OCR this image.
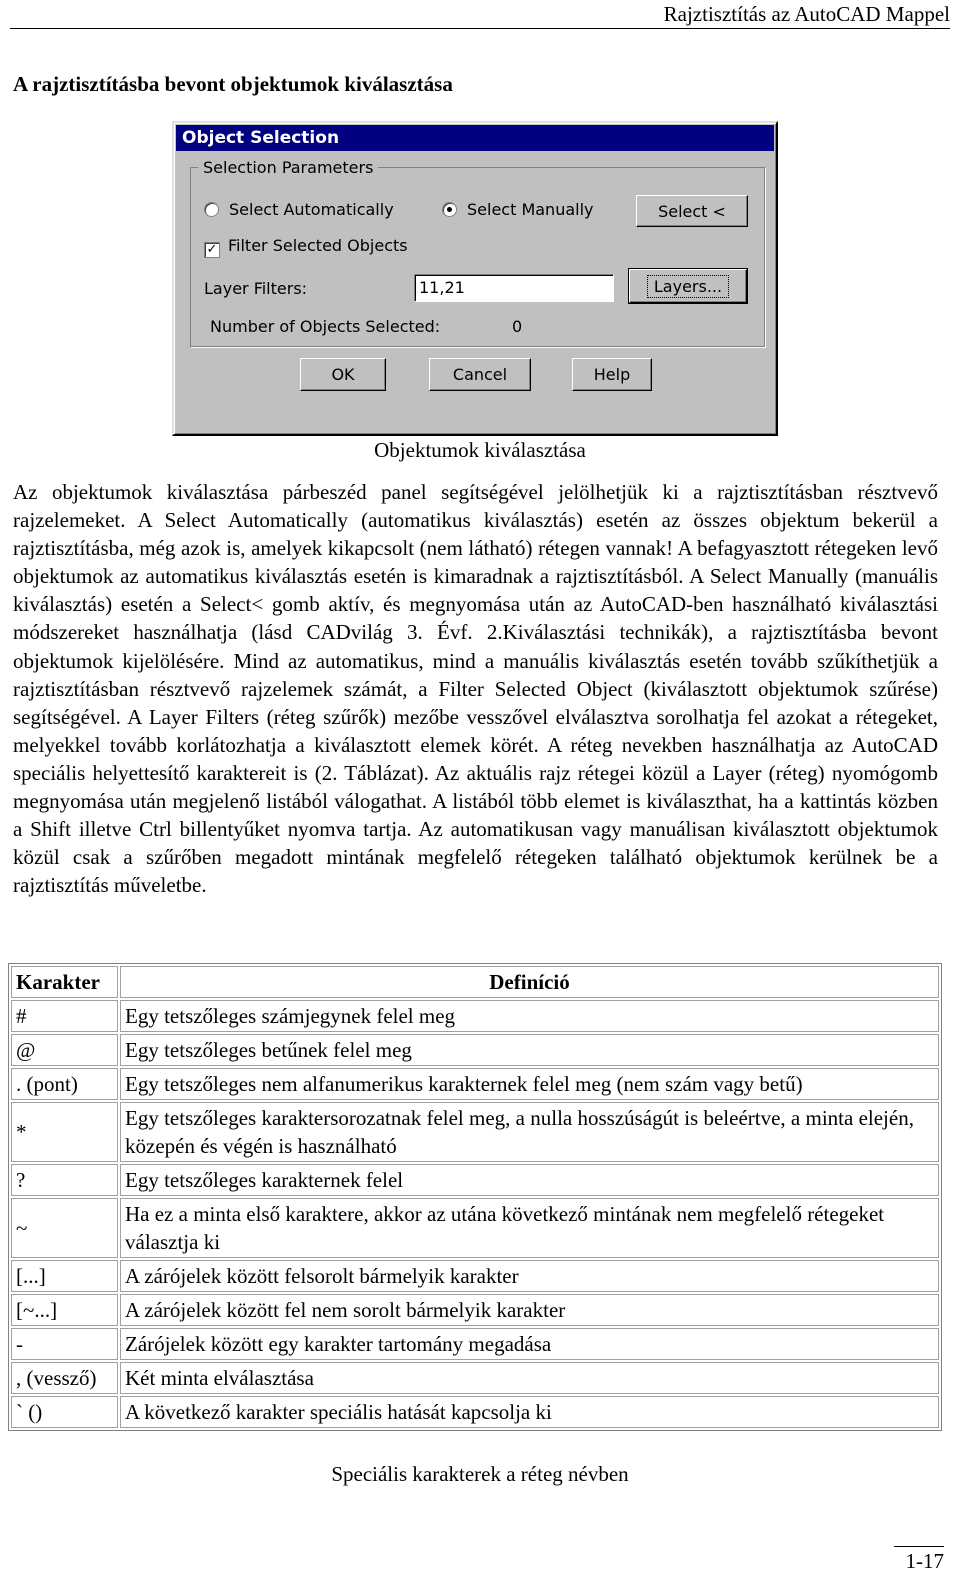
Rajztisztítás az AutoCAD Mappel
A rajztisztításba bevont objektumok kiválasztása
Object Selection
Selection Parameters
Select Automatically	Select Manually	Select <
✓ Filter Selected Objects
Layer Filters:	11,21	Layers...
Number of Objects Selected:	0
OK	Cancel	Help
Objektumok kiválasztása
Az objektumok kiválasztása párbeszéd panel segítségével jelölhetjük ki a rajztisztításban résztvevő rajzelemeket. A Select Automatically (automatikus kiválasztás) esetén az összes objektum bekerül a rajztisztításba, még azok is, amelyek kikapcsolt (nem látható) rétegen vannak! A befagyasztott rétegeken levő objektumok az automatikus kiválasztás esetén is kimaradnak a rajztisztításból. A Select Manually (manuális kiválasztás) esetén a Select< gomb aktív, és megnyomása után az AutoCAD-ben használható kiválasztási módszereket használhatja (lásd CADvilág 3. Évf. 2.Kiválasztási technikák), a rajztisztításba bevont objektumok kijelölésére. Mind az automatikus, mind a manuális kiválasztás esetén tovább szűkíthetjük a rajztisztításban résztvevő rajzelemek számát, a Filter Selected Object (kiválasztott objektumok szűrése) segítségével. A Layer Filters (réteg szűrők) mezőbe vesszővel elválasztva sorolhatja fel azokat a rétegeket, melyekkel tovább korlátozhatja a kiválasztott elemek körét. A réteg nevekben használhatja az AutoCAD speciális helyettesítő karaktereit is (2. Táblázat). Az aktuális rajz rétegei közül a Layer (réteg) nyomógomb megnyomása után megjelenő listából válogathat. A listából több elemet is kiválaszthat, ha a kattintás közben a Shift illetve Ctrl billentyűket nyomva tartja. Az automatikusan vagy manuálisan kiválasztott objektumok közül csak a szűrőben megadott mintának megfelelő rétegeken található objektumok kerülnek be a rajztisztítás műveletbe.
Karakter	Definíció
#	Egy tetszőleges számjegynek felel meg
@	Egy tetszőleges betűnek felel meg
. (pont)	Egy tetszőleges nem alfanumerikus karakternek felel meg (nem szám vagy betű)
*	Egy tetszőleges karaktersorozatnak felel meg, a nulla hosszúságút is beleértve, a minta elején, közepén és végén is használható
?	Egy tetszőleges karakternek felel
~	Ha ez a minta első karaktere, akkor az utána következő mintának nem megfelelő rétegeket választja ki
[...]	A zárójelek között felsorolt bármelyik karakter
[~...]	A zárójelek között fel nem sorolt bármelyik karakter
-	Zárójelek között egy karakter tartomány megadása
, (vessző)	Két minta elválasztása
` ()	A következő karakter speciális hatását kapcsolja ki
Speciális karakterek a réteg névben
1-17
